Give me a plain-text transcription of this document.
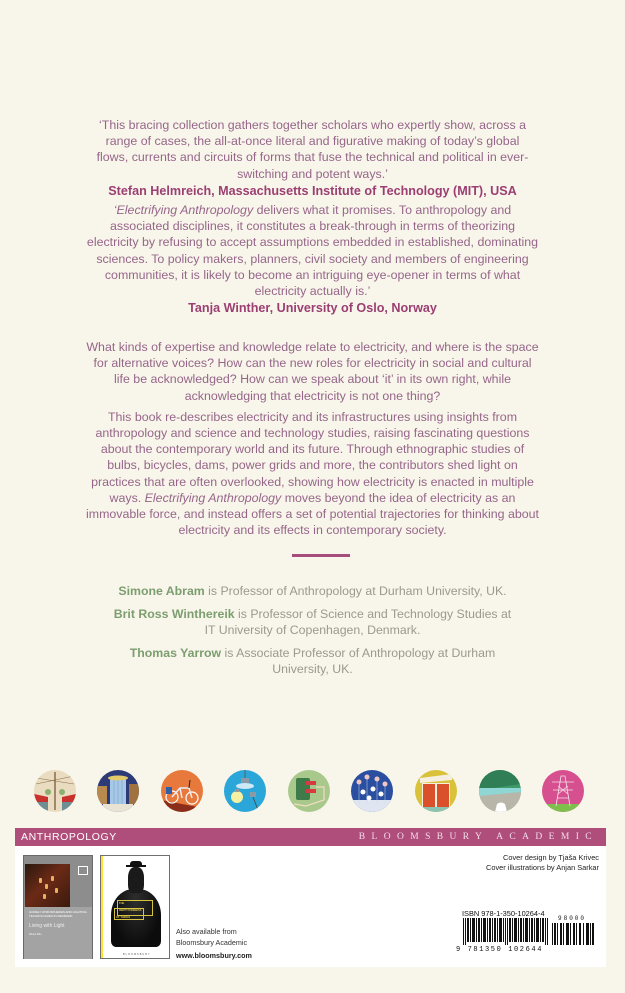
‘This bracing collection gathers together scholars who expertly show, across a range of cases, the all-at-once literal and figurative making of today’s global flows, currents and circuits of forms that fuse the technical and political in ever-switching and potent ways.’
Stefan Helmreich, Massachusetts Institute of Technology (MIT), USA
‘Electrifying Anthropology delivers what it promises. To anthropology and associated disciplines, it constitutes a break-through in terms of theorizing electricity by refusing to accept assumptions embedded in established, dominating sciences. To policy makers, planners, civil society and members of engineering communities, it is likely to become an intriguing eye-opener in terms of what electricity actually is.’
Tanja Winther, University of Oslo, Norway

What kinds of expertise and knowledge relate to electricity, and where is the space for alternative voices? How can the new roles for electricity in social and cultural life be acknowledged? How can we speak about ‘it’ in its own right, while acknowledging that electricity is not one thing?

This book re-describes electricity and its infrastructures using insights from anthropology and science and technology studies, raising fascinating questions about the contemporary world and its future. Through ethnographic studies of bulbs, bicycles, dams, power grids and more, the contributors shed light on practices that are often overlooked, showing how electricity is enacted in multiple ways. Electrifying Anthropology moves beyond the idea of electricity as an immovable force, and instead offers a set of potential trajectories for thinking about electricity and its effects in contemporary society.

Simone Abram is Professor of Anthropology at Durham University, UK.
Brit Ross Winthereik is Professor of Science and Technology Studies at IT University of Copenhagen, Denmark.
Thomas Yarrow is Associate Professor of Anthropology at Durham University, UK.
ANTHROPOLOGY	BLOOMSBURY ACADEMIC
HOMELY ATMOSPHERES AND LIGHTING TECHNOLOGIES IN DENMARK
Living with Light
Mikkel Bille
THE
INEPTITUDENESS
OF THINGS
BLOOMSBURY
Also available from
Bloomsbury Academic
www.bloomsbury.com
Cover design by Tjaša Krivec
Cover illustrations by Anjan Sarkar
ISBN 978-1-350-10264-4
98000
9 781350 102644
